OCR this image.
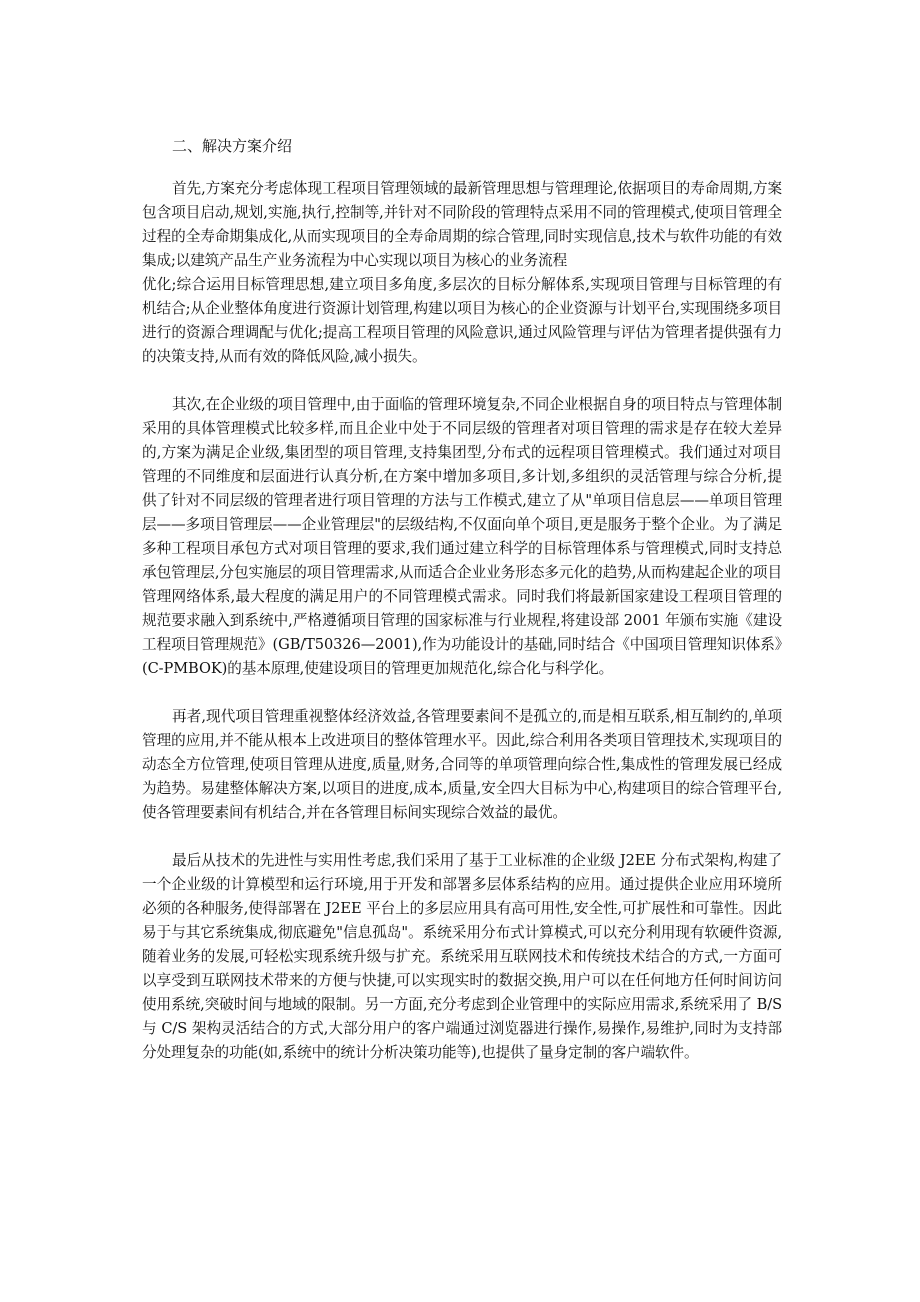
二、解决方案介绍

首先,方案充分考虑体现工程项目管理领域的最新管理思想与管理理论,依据项目的寿命周期,方案包含项目启动,规划,实施,执行,控制等,并针对不同阶段的管理特点采用不同的管理模式,使项目管理全过程的全寿命期集成化,从而实现项目的全寿命周期的综合管理,同时实现信息,技术与软件功能的有效集成;以建筑产品生产业务流程为中心实现以项目为核心的业务流程

优化;综合运用目标管理思想,建立项目多角度,多层次的目标分解体系,实现项目管理与目标管理的有机结合;从企业整体角度进行资源计划管理,构建以项目为核心的企业资源与计划平台,实现围绕多项目进行的资源合理调配与优化;提高工程项目管理的风险意识,通过风险管理与评估为管理者提供强有力的决策支持,从而有效的降低风险,减小损失。

其次,在企业级的项目管理中,由于面临的管理环境复杂,不同企业根据自身的项目特点与管理体制采用的具体管理模式比较多样,而且企业中处于不同层级的管理者对项目管理的需求是存在较大差异的,方案为满足企业级,集团型的项目管理,支持集团型,分布式的远程项目管理模式。我们通过对项目管理的不同维度和层面进行认真分析,在方案中增加多项目,多计划,多组织的灵活管理与综合分析,提供了针对不同层级的管理者进行项目管理的方法与工作模式,建立了从"单项目信息层——单项目管理层——多项目管理层——企业管理层"的层级结构,不仅面向单个项目,更是服务于整个企业。为了满足多种工程项目承包方式对项目管理的要求,我们通过建立科学的目标管理体系与管理模式,同时支持总承包管理层,分包实施层的项目管理需求,从而适合企业业务形态多元化的趋势,从而构建起企业的项目管理网络体系,最大程度的满足用户的不同管理模式需求。同时我们将最新国家建设工程项目管理的规范要求融入到系统中,严格遵循项目管理的国家标准与行业规程,将建设部 2001 年颁布实施《建设工程项目管理规范》(GB/T50326—2001),作为功能设计的基础,同时结合《中国项目管理知识体系》(C-PMBOK)的基本原理,使建设项目的管理更加规范化,综合化与科学化。

再者,现代项目管理重视整体经济效益,各管理要素间不是孤立的,而是相互联系,相互制约的,单项管理的应用,并不能从根本上改进项目的整体管理水平。因此,综合利用各类项目管理技术,实现项目的动态全方位管理,使项目管理从进度,质量,财务,合同等的单项管理向综合性,集成性的管理发展已经成为趋势。易建整体解决方案,以项目的进度,成本,质量,安全四大目标为中心,构建项目的综合管理平台,使各管理要素间有机结合,并在各管理目标间实现综合效益的最优。

最后从技术的先进性与实用性考虑,我们采用了基于工业标准的企业级 J2EE 分布式架构,构建了一个企业级的计算模型和运行环境,用于开发和部署多层体系结构的应用。通过提供企业应用环境所必须的各种服务,使得部署在 J2EE 平台上的多层应用具有高可用性,安全性,可扩展性和可靠性。因此易于与其它系统集成,彻底避免"信息孤岛"。系统采用分布式计算模式,可以充分利用现有软硬件资源,随着业务的发展,可轻松实现系统升级与扩充。系统采用互联网技术和传统技术结合的方式,一方面可以享受到互联网技术带来的方便与快捷,可以实现实时的数据交换,用户可以在任何地方任何时间访问使用系统,突破时间与地域的限制。另一方面,充分考虑到企业管理中的实际应用需求,系统采用了 B/S 与 C/S 架构灵活结合的方式,大部分用户的客户端通过浏览器进行操作,易操作,易维护,同时为支持部分处理复杂的功能(如,系统中的统计分析决策功能等),也提供了量身定制的客户端软件。
